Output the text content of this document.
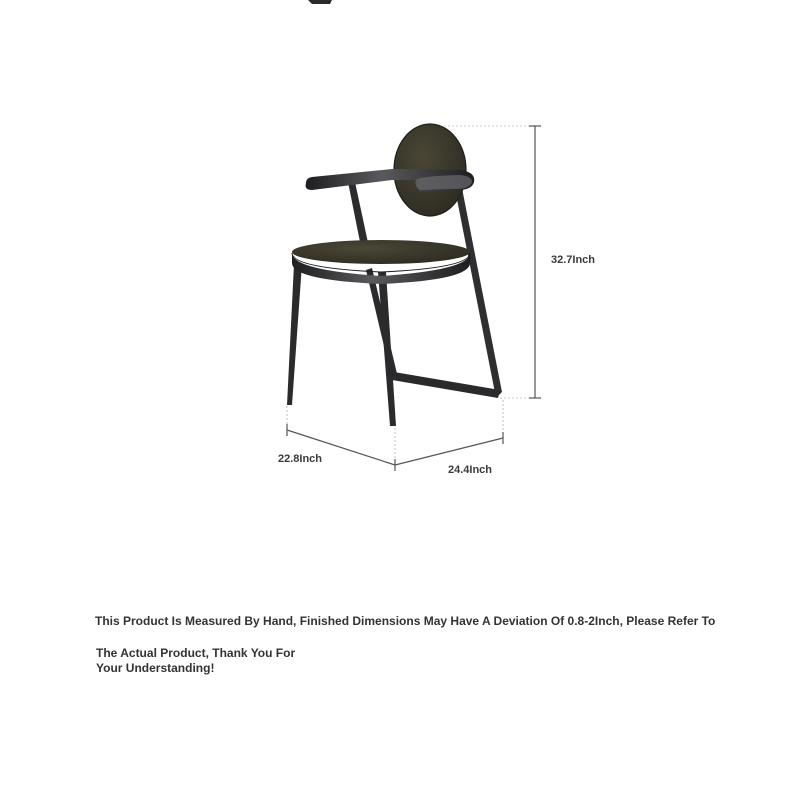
32.7Inch
22.8Inch
24.4Inch
This Product Is Measured By Hand, Finished Dimensions May Have A Deviation Of 0.8-2Inch, Please Refer To
The Actual Product, Thank You For
Your Understanding!
